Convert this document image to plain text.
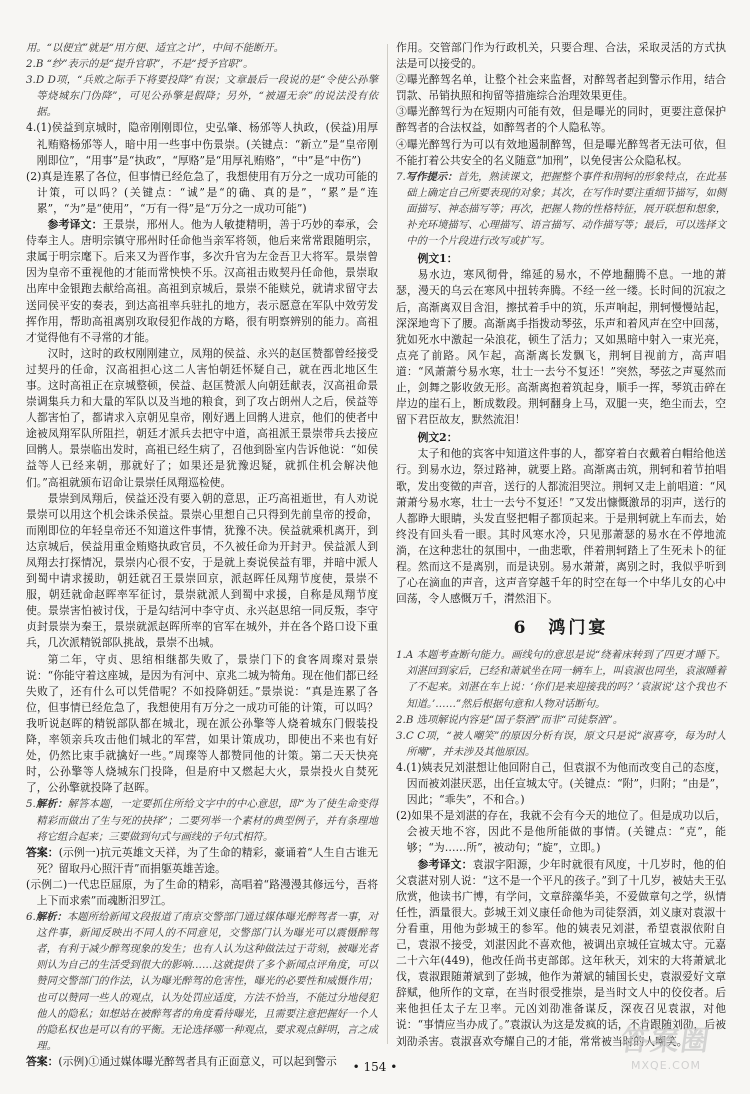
用。“以便宜”就是“用方便、适宜之计”，中间不能断开。

2.B “纱”表示的是“提升官职”，不是“授予官职”。

3.D D项，“兵败之际手下将要投降”有误；文章最后一段说的是“令使公孙擎等烧城东门伪降”，可见公孙擎是假降；另外，“被逼无奈”的说法没有依据。

4.(1)侯益到京城时，隐帝刚刚即位，史弘肇、杨邠等人执政，(侯益)用厚礼贿赂杨邠等人，暗中用一些事中伤景崇。(关键点：“新立”是“皇帝刚刚即位”，“用事”是“执政”，“厚赂”是“用厚礼贿赂”，“中”是“中伤”)

(2)真是连累了各位，但事情已经危急了，我想使用有万分之一成功可能的计策，可以吗？(关键点：“诚”是“的确、真的是”，“累”是“连累”，“为”是“使用”，“万有一得”是“万分之一成功可能”)

参考译文：王景崇，邢州人。他为人敏捷精明，善于巧妙的奉承，会侍奉主人。唐明宗镇守邢州时任命他当亲军将领，他后来常常跟随明宗，隶属于明宗麾下。后来又为晋作事，多次升官为左金吾卫大将军。景崇曾因为皇帝不重视他的才能而常怏怏不乐。汉高祖击败契丹任命他，景崇取出库中金银跑去献给高祖。高祖到京城后，景崇不能赎兑，就请求留守去送同侯平安的奏表，到达高祖率兵驻扎的地方，表示愿意在军队中效劳发挥作用，帮助高祖离别攻取侵犯作战的方略，很有明察辨别的能力。高祖才觉得他有不寻常的才能。

汉时，这时的政权刚刚建立，凤翔的侯益、永兴的赵匡赞都曾经接受过契丹的任命，汉高祖担心这二人害怕朝廷怀疑自己，就在西北地区生事。这时高祖正在京城整顿，侯益、赵匡赞派人向朝廷献表，汉高祖命景崇调集兵力和大量的军队以及当地的粮食，到了攻占朗州人之后，侯益等人都害怕了，都请求入京朝见皇帝，刚好遇上回鹘人进京，他们的使者中途被凤翔军队所阻拦，朝廷才派兵去把守中道，高祖派王景崇带兵去接应回鹘人。景崇临出发时，高祖已经生病了，召他到卧室内告诉他说：“如侯益等人已经来朝，那就好了；如果还是犹豫迟疑，就抓住机会解决他们。”高祖就颁布诏命让景崇任凤翔巡检使。

景崇到凤翔后，侯益还没有要入朝的意思，正巧高祖逝世，有人劝说景崇可以用这个机会诛杀侯益。景崇心里想自己只得到先前皇帝的授命，而刚即位的年轻皇帝还不知道这件事情，犹豫不决。侯益就乘机离开，到达京城后，侯益用重金贿赂执政官员，不久被任命为开封尹。侯益派人到凤翔去打探情况，景崇内心很不安，于是就上奏说侯益有罪，并暗中派人到蜀中请求援助，朝廷就召王景崇回京，派赵晖任凤翔节度使，景崇不服，朝廷就命赵晖率军征讨，景崇就派人到蜀中求援，自称是凤翔节度使。景崇害怕被讨伐，于是勾结河中李守贞、永兴赵思绾一同反叛，李守贞封景崇为秦王，景崇就派赵晖所率的官军在城外，并在各个路口设下重兵，几次派精锐部队挑战，景崇不出城。

第二年，守贞、思绾相继都失败了，景崇门下的食客周璨对景崇说：“你能守着这座城，是因为有河中、京兆二城为犄角。现在他们都已经失败了，还有什么可以凭借呢？不如投降朝廷。”景崇说：“真是连累了各位，但事情已经危急了，我想使用有万分之一成功可能的计策，可以吗？我听说赵晖的精锐部队都在城北，现在派公孙擎等人烧着城东门假装投降，率领亲兵攻击他们城北的军营，如果计策成功，即使出不来也有好处，仍然比束手就擒好一些。”周璨等人都赞同他的计策。第二天天快亮时，公孙擎等人烧城东门投降，但是府中又燃起大火，景崇投火自焚死了，公孙擎就投降了赵晖。

5.解析：解答本题，一定要抓住所给文字中的中心意思，即“为了使生命变得精彩而做出了生与死的抉择”；二要列举一个素材的典型例子，并有条理地将它组合起来；三要做到句式与画线的子句式相符。

答案：(示例一)抗元英雄文天祥，为了生命的精彩，豪诵着“人生自古谁无死？留取丹心照汗青”而捐躯英雄苦途。

(示例二)一代忠臣屈原，为了生命的精彩，高唱着“路漫漫其修远兮，吾将上下而求索”而魂断汨罗江。

6.解析：本题所给新闻文段报道了南京交警部门通过媒体曝光醉驾者一事，对这件事，新闻反映出不同人的不同意见，交警部门认为曝光可以震慑醉驾者，有利于减少醉驾现象的发生；也有人认为这种做法过于苛刻，被曝光者则认为自己的生活受到很大的影响……这就提供了多个新闻点评角度，可以赞同交警部门的作法，认为曝光醉驾的危害性，曝光的必要性和威慑作用；也可以赞同一些人的观点，认为处罚应适度，方法不恰当，不能过分地侵犯他人的隐私；如想站在被醉驾者的角度看待曝光，且需要注意把握好一个人的隐私权也是可以有的平衡。无论选择哪一种观点，要求观点鲜明，言之成理。

答案：(示例)①通过媒体曝光醉驾者具有正面意义，可以起到警示

作用。交管部门作为行政机关，只要合理、合法，采取灵活的方式执法是可以接受的。

②曝光醉驾名单，让整个社会来监督，对醉驾者起到警示作用，结合罚款、吊销执照和拘留等措施综合治理效果更佳。

③曝光醉驾行为在短期内可能有效，但是曝光的同时，更要注意保护醉驾者的合法权益，如醉驾者的个人隐私等。

④曝光醉驾行为可以有效地遏制醉驾，但是曝光醉驾者无法可依，但不能打着公共安全的名义随意“加刑”，以免侵害公众隐私权。

7.写作提示：首先，熟读课文，把握整个事件和荆轲的形象特点，在此基础上确定自己所要表现的对象；其次，在写作时要注重细节描写，如侧面描写、神态描写等；再次，把握人物的性格特征，展开联想和想象，补充环境描写、心理描写、语言描写、动作描写等；最后，可以选择文中的一个片段进行改写或扩写。

例文1：

易水边，寒风彻骨，绵延的易水，不停地翻腾不息。一地的萧瑟，漫天的乌云在寒风中扭转奔腾。不经一丝一缕。长时间的沉寂之后，高渐离双目含泪，擦拭着手中的筑，乐声响起，荆轲慢慢站起，深深地弯下了腰。高渐离手指拨动琴弦，乐声和着风声在空中回荡，犹如死水中激起一朵浪花，顿生了活力；又如黑暗中射入一束光亮，点亮了前路。风乍起，高渐离长发飘飞，荆轲目视前方，高声唱道：“风萧萧兮易水寒，壮士一去兮不复还！”突然，琴弦之声戛然而止，剑舞之影收敛无形。高渐离抱着筑起身，顺手一挥，琴筑击碎在岸边的崖石上，断成数段。荆轲翻身上马，双腿一夹，绝尘而去，空留下君臣故友，默然流泪！

例文2：

太子和他的宾客中知道这件事的人，都穿着白衣戴着白帽给他送行。到易水边，祭过路神，就要上路。高渐离击筑，荆轲和着节拍唱歌，发出变徵的声音，送行的人都流泪哭泣。荆轲又走上前唱道：“风萧萧兮易水寒，壮士一去兮不复还！”又发出慷慨激昂的羽声，送行的人都睁大眼睛，头发直竖把帽子都顶起来。于是荆轲就上车而去，始终没有回头看一眼。其时风寒水冷，只见那萧瑟的易水在不停地流淌，在这种悲壮的氛围中，一曲悲歌，伴着荆轲踏上了生死未卜的征程。然而这不是离别，而是诀别。易水萧萧，离别之时，我似乎听到了心在滴血的声音，这声音穿越千年的时空在每一个中华儿女的心中回荡，令人感慨万千，潸然泪下。

6　鸿门宴

1.A 本题考查断句能力。画线句的意思是说“绕着床转到了四更才睡下。刘湛回到家后，已经和萧斌坐在同一辆车上，叫袁淑也同坐，袁淑睡着了不起来。刘湛在车上说：‘你们是来迎接我的吗？’袁淑说‘这个我也不知道。’……”然后根据句意和人物对话断句。

2.B 选项解说内容是“国子祭酒”而非“司徒祭酒”。

3.C C项，“被人嘲笑”的原因分析有误，原文只是说“淑喜夸，每为时人所嘲”，并未涉及其他原因。

4.(1)姨表兄刘湛想让他回附自己，但袁淑不为他而改变自己的态度，因而被刘湛厌恶，出任宣城太守。(关键点：“附”，归附；“由是”，因此；“乖失”，不和合。)

(2)如果不是刘湛的存在，我就不会有今天的地位了。但是成功以后，会被天地不容，因此不是他所能做的事情。(关键点：“克”，能够；“为……所”，被动句；“旋”，立即。)

参考译文：袁淑字阳源，少年时就很有风度，十几岁时，他的伯父袁湛对别人说：“这不是一个平凡的孩子。”到了十几岁，被姑夫王弘欣赏，他读书广博，有学问，文章辞藻华美，不爱做章句之学，纵情任性，酒量很大。彭城王刘义康任命他为司徒祭酒，刘义康对袁淑十分看重，用他为彭城王的参军。他的姨表兄刘湛，希望袁淑依附自己，袁淑不接受，刘湛因此不喜欢他，被调出京城任宣城太守。元嘉二十六年(449)，他改任尚书吏部郎。这年秋天，刘宋的大将萧斌北伐，袁淑跟随萧斌到了彭城，他作为萧斌的辅国长史，袁淑爱好文章辞赋，他所作的文章，在当时很受推崇，是当时文人中的佼佼者。后来他担任太子左卫率。元凶刘劭准备谋反，深夜召见袁淑，对他说：“事情应当办成了。”袁淑认为这是发疯的话，不肯跟随刘劭，后被刘劭杀害。袁淑喜欢夸耀自己的才能，常常被当时的人嘲笑。

• 154 •
答案圈
MXQE.COM
